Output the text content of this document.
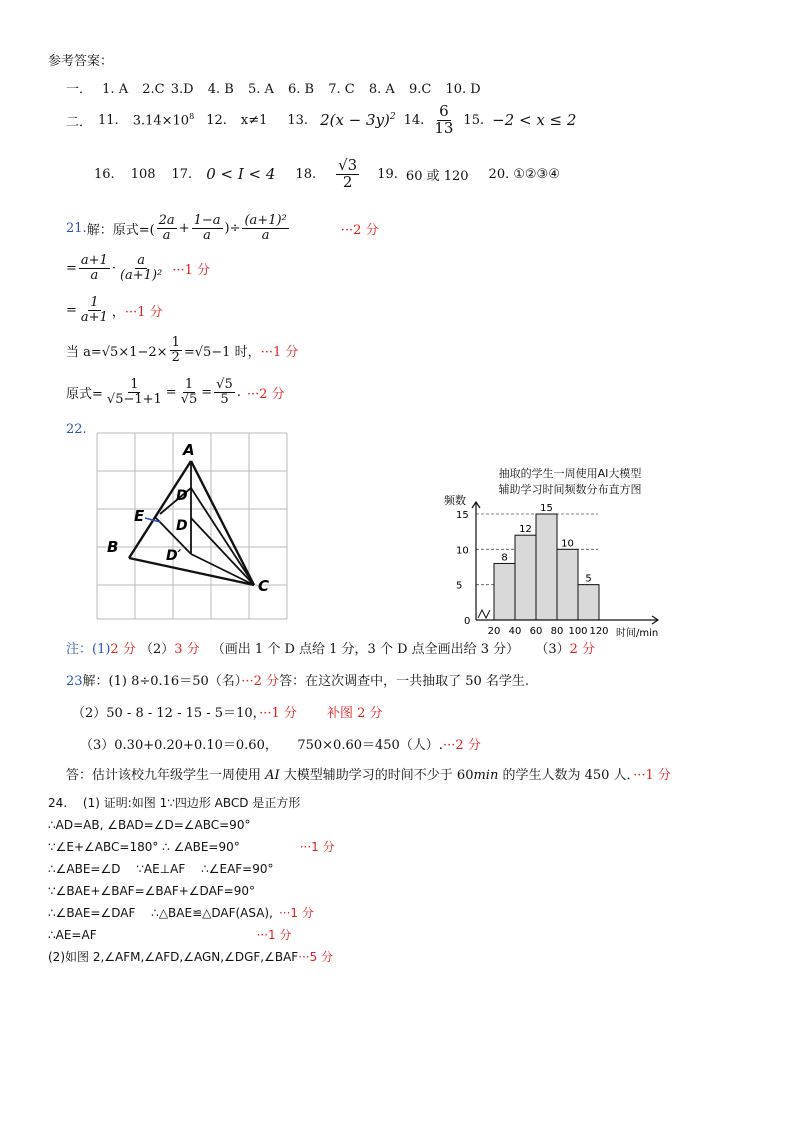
参考答案：
一． 1. A 2.C 3.D 4. B 5. A 6. B 7. C 8. A 9.C 10. D
二． 11. $3.14\times 10^8$ 12. x≠1 13. $2(x - 3y)^2$ 14. $\frac{6}{13} 15$. −2 < x ≤ 2
16. 108 17. 0 < I < 4 18. $\frac{√3}{2} 19$. 60 或 120 20. ①②③④
21. 解：原式=( $\frac{2a}{a} + \frac{1-a}{a}$ )÷ $\frac{\text{(a+1)²}}{a}$	···2 分
= $\frac{a+1}{a} \cdot \frac{a}{\text{(a+1)²}} \cdot\cdot\cdot 1$ 分
= $\frac{1}{a+1}$ ， ···1 分
当 $a=√5\times 1-2\times \frac{1}{2} =√5-1$ 时， ···1 分
原式= $\frac{1}{√5-1+1} = \frac{1}{√5} = \frac{√5}{5}$ . ···2 分
22.
A
B
C
D
D
D′
E
抽取的学生一周使用AI大模型
辅助学习时间频数分布直方图
频数
0
时间/min
5
10
15
8
12
15
10
5
20 40 60 80 100 120
注：(1)2 分 （2）3 分 （画出 1 个 D 点给 1 分，3 个 D 点全画出给 3 分） （3）2 分
23解：(1) 8÷0.16＝50（名）···2 分答：在这次调查中，一共抽取了 50 名学生.
（2）50 - 8 - 12 - 15 - 5＝10，···1 分 补图 2 分
（3）0.30+0.20+0.10＝0.60，　　750×0.60＝450（人）.···2 分
答：估计该校九年级学生一周使用 AI 大模型辅助学习的时间不少于 60min 的学生人数为 450 人．···1 分
24.　 (1) 证明:如图 1∵四边形 ABCD 是正方形
∴AD=AB, ∠BAD=∠D=∠ABC=90°
∵∠E+∠ABC=180° ∴ ∠ABE=90°	···1 分
∴∠ABE=∠D　 ∵AE⊥AF　 ∴∠EAF=90°
∵∠BAE+∠BAF=∠BAF+∠DAF=90°
∴∠BAE=∠DAF　 ∴△BAE≌△DAF(ASA), ···1 分
∴AE=AF	···1 分
(2)如图 2,∠AFM,∠AFD,∠AGN,∠DGF,∠BAF···5 分
